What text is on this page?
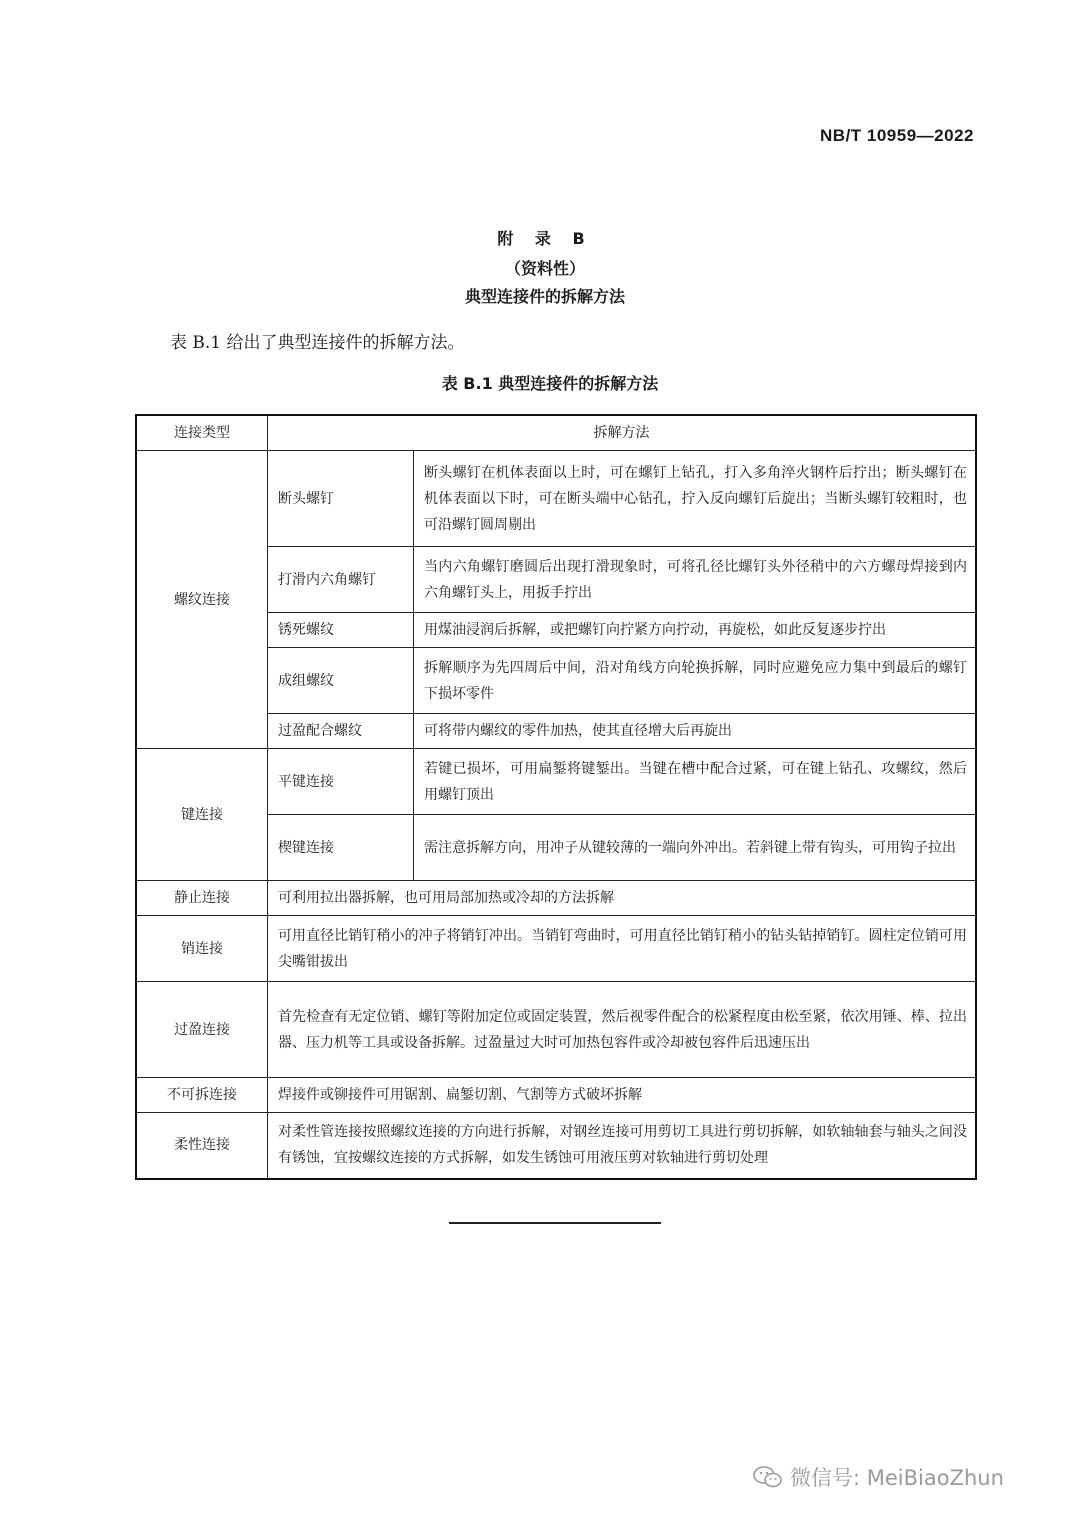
NB/T 10959—2022
附 录 B
（资料性）
典型连接件的拆解方法
表 B.1 给出了典型连接件的拆解方法。
表 B.1 典型连接件的拆解方法
连接类型	拆解方法	
螺纹连接	断头螺钉	断头螺钉在机体表面以上时，可在螺钉上钻孔，打入多角淬火钢杵后拧出；断头螺钉在机体表面以下时，可在断头端中心钻孔，拧入反向螺钉后旋出；当断头螺钉较粗时，也可沿螺钉圆周剔出
	打滑内六角螺钉	当内六角螺钉磨圆后出现打滑现象时，可将孔径比螺钉头外径稍中的六方螺母焊接到内六角螺钉头上，用扳手拧出
	锈死螺纹	用煤油浸润后拆解，或把螺钉向拧紧方向拧动，再旋松，如此反复逐步拧出
	成组螺纹	拆解顺序为先四周后中间，沿对角线方向轮换拆解，同时应避免应力集中到最后的螺钉下损坏零件
	过盈配合螺纹	可将带内螺纹的零件加热，使其直径增大后再旋出
键连接	平键连接	若键已损坏，可用扁錾将键錾出。当键在槽中配合过紧，可在键上钻孔、攻螺纹，然后用螺钉顶出
	楔键连接	需注意拆解方向，用冲子从键较薄的一端向外冲出。若斜键上带有钩头，可用钩子拉出
静止连接	可利用拉出器拆解，也可用局部加热或冷却的方法拆解	
销连接	可用直径比销钉稍小的冲子将销钉冲出。当销钉弯曲时，可用直径比销钉稍小的钻头钻掉销钉。圆柱定位销可用尖嘴钳拔出	
过盈连接	首先检查有无定位销、螺钉等附加定位或固定装置，然后视零件配合的松紧程度由松至紧，依次用锤、棒、拉出器、压力机等工具或设备拆解。过盈量过大时可加热包容件或冷却被包容件后迅速压出	
不可拆连接	焊接件或铆接件可用锯割、扁錾切割、气割等方式破坏拆解	
柔性连接	对柔性管连接按照螺纹连接的方向进行拆解，对钢丝连接可用剪切工具进行剪切拆解，如软轴轴套与轴头之间没有锈蚀，宜按螺纹连接的方式拆解，如发生锈蚀可用液压剪对软轴进行剪切处理	
微信号: MeiBiaoZhun
